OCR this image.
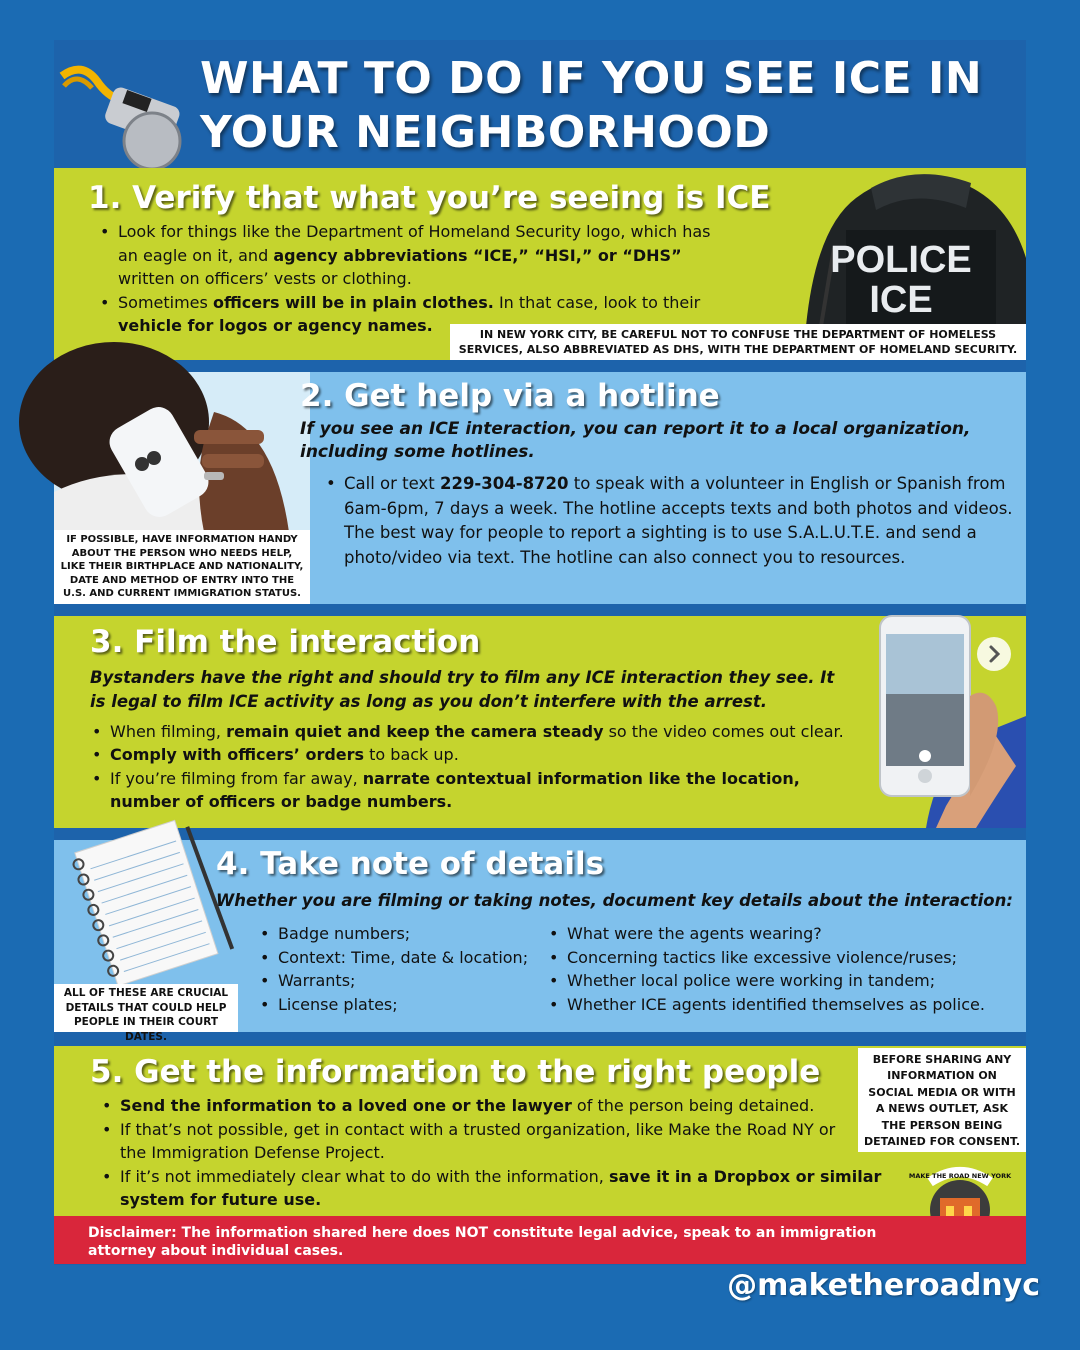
WHAT TO DO IF YOU SEE ICE IN
YOUR NEIGHBORHOOD
1. Verify that what you’re seeing is ICE
• Look for things like the Department of Homeland Security logo, which has an eagle on it, and agency abbreviations “ICE,” “HSI,” or “DHS” written on officers’ vests or clothing.
• Sometimes officers will be in plain clothes. In that case, look to their vehicle for logos or agency names.
POLICE
ICE
IN NEW YORK CITY, BE CAREFUL NOT TO CONFUSE THE DEPARTMENT OF HOMELESS SERVICES, ALSO ABBREVIATED AS DHS, WITH THE DEPARTMENT OF HOMELAND SECURITY.
IF POSSIBLE, HAVE INFORMATION HANDY ABOUT THE PERSON WHO NEEDS HELP, LIKE THEIR BIRTHPLACE AND NATIONALITY, DATE AND METHOD OF ENTRY INTO THE U.S. AND CURRENT IMMIGRATION STATUS.
2. Get help via a hotline

If you see an ICE interaction, you can report it to a local organization, including some hotlines.

• Call or text 229-304-8720 to speak with a volunteer in English or Spanish from 6am-6pm, 7 days a week. The hotline accepts texts and both photos and videos. The best way for people to report a sighting is to use S.A.L.U.T.E. and send a photo/video via text. The hotline can also connect you to resources.
3. Film the interaction

Bystanders have the right and should try to film any ICE interaction they see. It is legal to film ICE activity as long as you don’t interfere with the arrest.

• When filming, remain quiet and keep the camera steady so the video comes out clear.
• Comply with officers’ orders to back up.
• If you’re filming from far away, narrate contextual information like the location, number of officers or badge numbers.
ALL OF THESE ARE CRUCIAL DETAILS THAT COULD HELP PEOPLE IN THEIR COURT DATES.
4. Take note of details

Whether you are filming or taking notes, document key details about the interaction:

• Badge numbers;
• Context: Time, date & location;
• Warrants;
• License plates;
• What were the agents wearing?
• Concerning tactics like excessive violence/ruses;
• Whether local police were working in tandem;
• Whether ICE agents identified themselves as police.
5. Get the information to the right people
• Send the information to a loved one or the lawyer of the person being detained.
• If that’s not possible, get in contact with a trusted organization, like Make the Road NY or the Immigration Defense Project.
• If it’s not immediately clear what to do with the information, save it in a Dropbox or similar system for future use.
BEFORE SHARING ANY INFORMATION ON SOCIAL MEDIA OR WITH A NEWS OUTLET, ASK THE PERSON BEING DETAINED FOR CONSENT.
MAKE THE ROAD NEW YORK

Disclaimer: The information shared here does NOT constitute legal advice, speak to an immigration attorney about individual cases.

@maketheroadnyc
